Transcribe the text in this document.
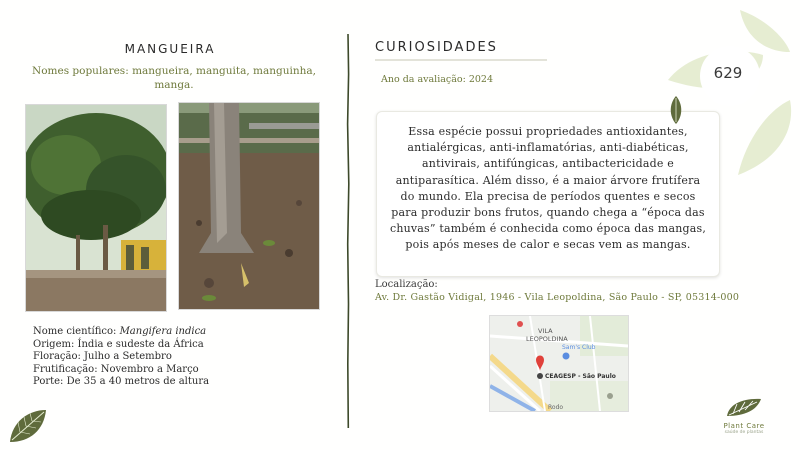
MANGUEIRA
Nomes populares: mangueira, manguita, manguinha, manga.
Nome científico: Mangifera indica
Origem: Índia e sudeste da África
Floração: Julho a Setembro
Frutificação: Novembro a Março
Porte: De 35 a 40 metros de altura
CURIOSIDADES
Ano da avaliação: 2024
Essa espécie possui propriedades antioxidantes, antialérgicas, anti-inflamatórias, anti-diabéticas, antivirais, antifúngicas, antibactericidade e antiparasítica. Além disso, é a maior árvore frutífera do mundo. Ela precisa de períodos quentes e secos para produzir bons frutos, quando chega a “época das chuvas” também é conhecida como época das mangas, pois após meses de calor e secas vem as mangas.
Localização:
Av. Dr. Gastão Vidigal, 1946 - Vila Leopoldina, São Paulo - SP, 05314-000
VILA
LEOPOLDINA
Sam's Club
CEAGESP - São Paulo
Rodo
629
Plant Care
saúde de plantas
